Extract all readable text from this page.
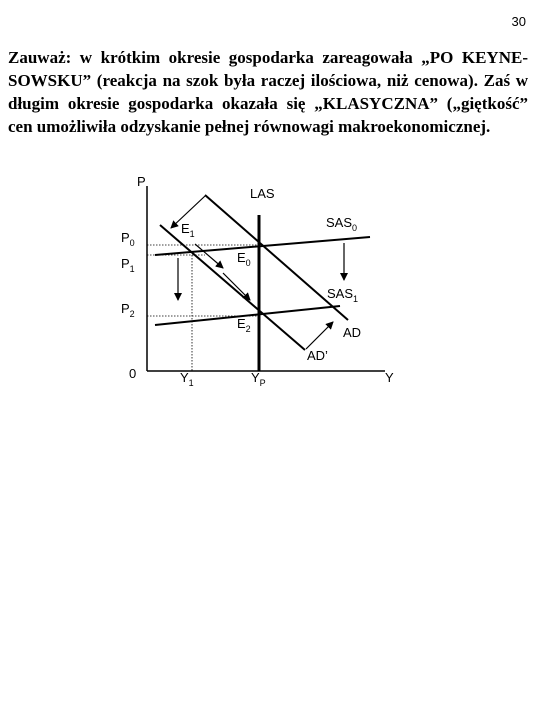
30
Zauważ: w krótkim okresie gospodarka zareagowała „PO KEYNE-SOWSKU” (reakcja na szok była raczej ilościowa, niż cenowa). Zaś w długim okresie gospodarka okazała się „KLASYCZNA” („giętkość” cen umożliwiła odzyskanie pełnej równowagi makroekonomicznej.
P
Y
0
$P_0$
$P_1$
$P_2$
$Y_1$	$Y_P$
LAS
$SAS_0$
$SAS_1$
AD
AD’
$E_0$
$E_1$
$E_2$
